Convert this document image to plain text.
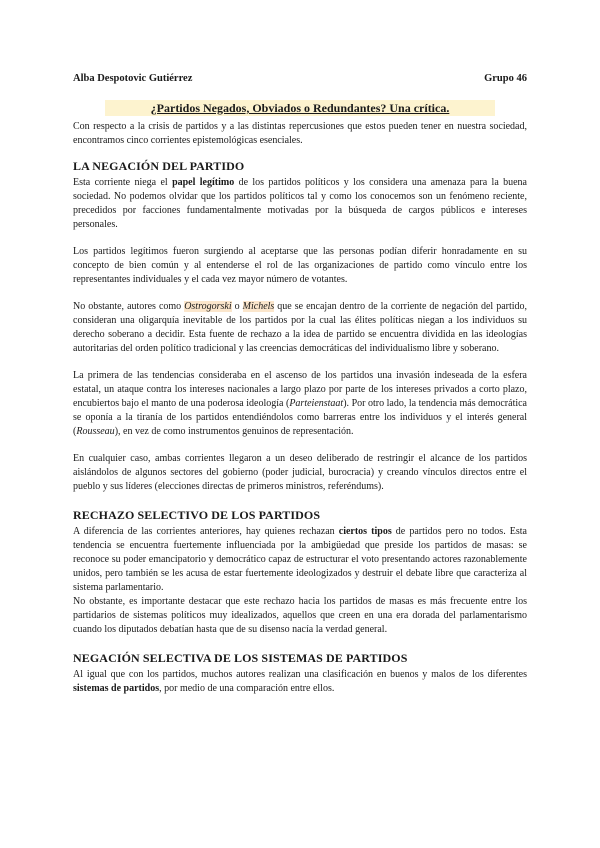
Alba Despotovic Gutiérrez	Grupo 46
¿Partidos Negados, Obviados o Redundantes? Una crítica.

Con respecto a la crisis de partidos y a las distintas repercusiones que estos pueden tener en nuestra sociedad, encontramos cinco corrientes epistemológicas esenciales.

LA NEGACIÓN DEL PARTIDO

Esta corriente niega el papel legítimo de los partidos políticos y los considera una amenaza para la buena sociedad. No podemos olvidar que los partidos políticos tal y como los conocemos son un fenómeno reciente, precedidos por facciones fundamentalmente motivadas por la búsqueda de cargos públicos e intereses personales.

Los partidos legítimos fueron surgiendo al aceptarse que las personas podían diferir honradamente en su concepto de bien común y al entenderse el rol de las organizaciones de partido como vínculo entre los representantes individuales y el cada vez mayor número de votantes.

No obstante, autores como Ostrogorski o Michels que se encajan dentro de la corriente de negación del partido, consideran una oligarquía inevitable de los partidos por la cual las élites políticas niegan a los individuos su derecho soberano a decidir. Esta fuente de rechazo a la idea de partido se encuentra dividida en las ideologías autoritarias del orden político tradicional y las creencias democráticas del individualismo libre y soberano.

La primera de las tendencias consideraba en el ascenso de los partidos una invasión indeseada de la esfera estatal, un ataque contra los intereses nacionales a largo plazo por parte de los intereses privados a corto plazo, encubiertos bajo el manto de una poderosa ideología (Parteienstaat). Por otro lado, la tendencia más democrática se oponía a la tiranía de los partidos entendiéndolos como barreras entre los individuos y el interés general (Rousseau), en vez de como instrumentos genuinos de representación.

En cualquier caso, ambas corrientes llegaron a un deseo deliberado de restringir el alcance de los partidos aislándolos de algunos sectores del gobierno (poder judicial, burocracia) y creando vínculos directos entre el pueblo y sus líderes (elecciones directas de primeros ministros, referéndums).

RECHAZO SELECTIVO DE LOS PARTIDOS

A diferencia de las corrientes anteriores, hay quienes rechazan ciertos tipos de partidos pero no todos. Esta tendencia se encuentra fuertemente influenciada por la ambigüedad que preside los partidos de masas: se reconoce su poder emancipatorio y democrático capaz de estructurar el voto presentando actores razonablemente unidos, pero también se les acusa de estar fuertemente ideologizados y destruir el debate libre que caracteriza al sistema parlamentario.

No obstante, es importante destacar que este rechazo hacia los partidos de masas es más frecuente entre los partidarios de sistemas políticos muy idealizados, aquellos que creen en una era dorada del parlamentarismo cuando los diputados debatían hasta que de su disenso nacía la verdad general.

NEGACIÓN SELECTIVA DE LOS SISTEMAS DE PARTIDOS

Al igual que con los partidos, muchos autores realizan una clasificación en buenos y malos de los diferentes sistemas de partidos, por medio de una comparación entre ellos.
